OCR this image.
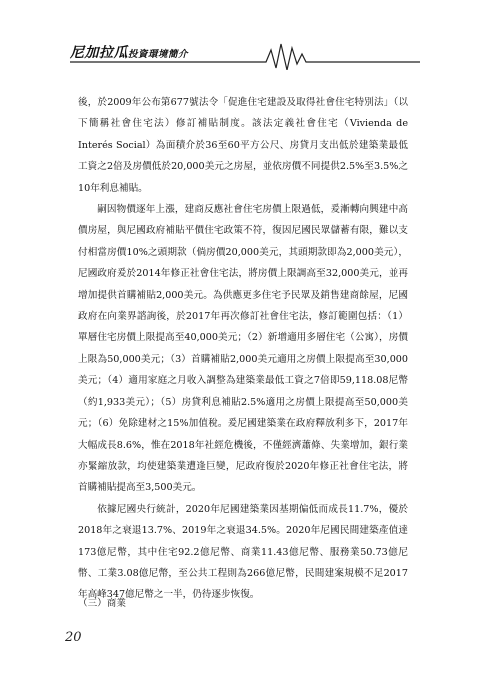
尼加拉瓜投資環境簡介

後，於2009年公布第677號法令「促進住宅建設及取得社會住宅特別法」（以下簡稱社會住宅法）修訂補貼制度。該法定義社會住宅（Vivienda de Interés Social）為面積介於36至60平方公尺、房貸月支出低於建築業最低工資之2倍及房價低於20,000美元之房屋，並依房價不同提供2.5%至3.5%之10年利息補貼。

嗣因物價逐年上漲，建商反應社會住宅房價上限過低，爰漸轉向興建中高價房屋，與尼國政府補貼平價住宅政策不符，復因尼國民眾儲蓄有限，難以支付相當房價10%之頭期款（倘房價20,000美元，其頭期款即為2,000美元），尼國政府爰於2014年修正社會住宅法，將房價上限調高至32,000美元，並再增加提供首購補貼2,000美元。為供應更多住宅予民眾及銷售建商餘屋，尼國政府在向業界諮詢後，於2017年再次修訂社會住宅法，修訂範圍包括：（1）單層住宅房價上限提高至40,000美元；（2）新增適用多層住宅（公寓），房價上限為50,000美元；（3）首購補貼2,000美元適用之房價上限提高至30,000美元；（4）適用家庭之月收入調整為建築業最低工資之7倍即59,118.08尼幣（約1,933美元）；（5）房貸利息補貼2.5%適用之房價上限提高至50,000美元；（6）免除建材之15%加值稅。爰尼國建築業在政府釋放利多下，2017年大幅成長8.6%，惟在2018年社經危機後，不僅經濟蕭條、失業增加，銀行業亦緊縮放款，均使建築業遭逢巨變，尼政府復於2020年修正社會住宅法，將首購補貼提高至3,500美元。

依據尼國央行統計，2020年尼國建築業因基期偏低而成長11.7%，優於2018年之衰退13.7%、2019年之衰退34.5%。2020年尼國民間建築產值達173億尼幣，其中住宅92.2億尼幣、商業11.43億尼幣、服務業50.73億尼幣、工業3.08億尼幣，至公共工程則為266億尼幣，民間建案規模不足2017年高峰347億尼幣之一半，仍待逐步恢復。

（三）商業
20
